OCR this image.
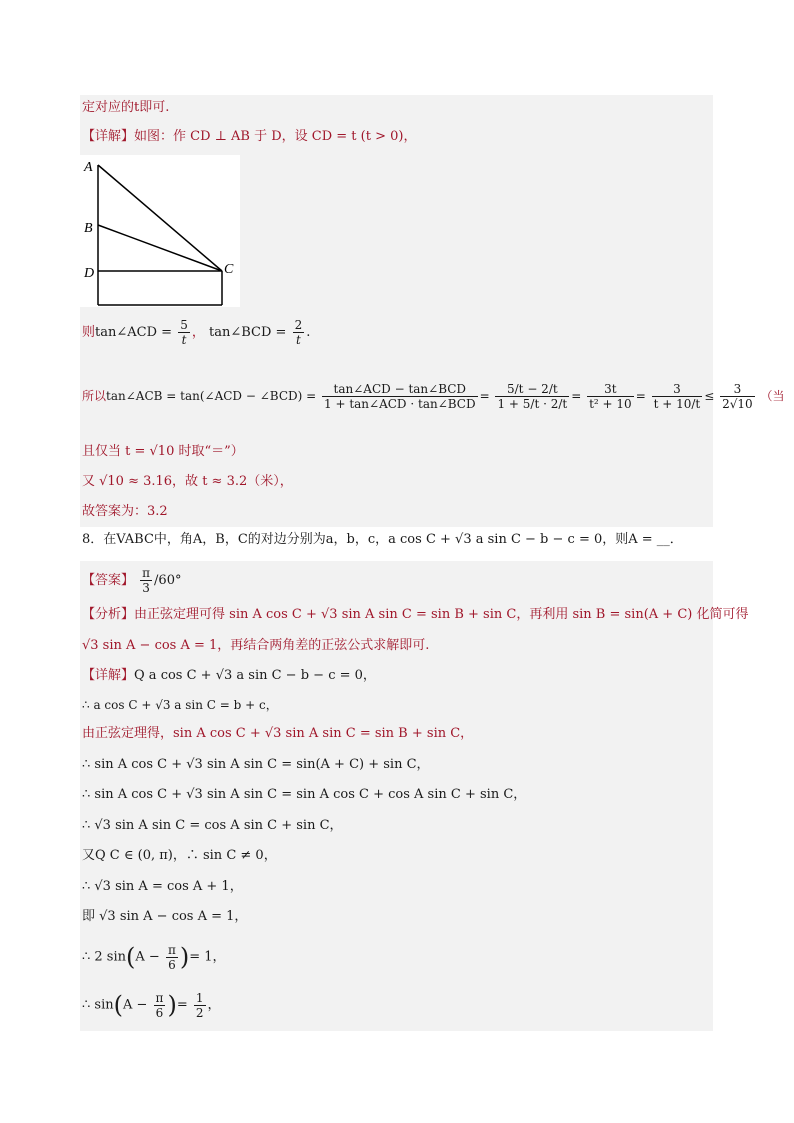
定对应的t即可.
【详解】如图：作 CD ⊥ AB 于 D，设 CD = t (t > 0)，
A
B
D	C
则tan∠ACD = $\frac{5}{t}$ ， tan∠BCD = $\frac{2}{t}$ .
所以tan∠ACB = tan(∠ACD − ∠BCD) = $\frac{\text{tan∠ACD − tan∠BCD}}{\text{1 + tan∠ACD · tan∠BCD}} = \frac{5/t - 2/t}{1 + 5/t \cdot 2/t} = \frac{3t}{\text{t² + 10}} = \frac{3}{t + 10/t} \le \frac{3}{2√10}$ （当
且仅当 t = √10 时取“＝”）
又 √10 ≈ 3.16，故 t ≈ 3.2（米），
故答案为：3.2
8．在VABC中，角A，B，C的对边分别为a，b，c，a cos C + √3 a sin C − b − c = 0，则A = __．
【答案】 $\frac{\pi}{3} /60^\circ$
【分析】由正弦定理可得 sin A cos C + √3 sin A sin C = sin B + sin C，再利用 sin B = sin(A + C) 化简可得
√3 sin A − cos A = 1，再结合两角差的正弦公式求解即可.
【详解】Q a cos C + √3 a sin C − b − c = 0，
∴ a cos C + √3 a sin C = b + c，
由正弦定理得，sin A cos C + √3 sin A sin C = sin B + sin C，
∴ sin A cos C + √3 sin A sin C = sin(A + C) + sin C，
∴ sin A cos C + √3 sin A sin C = sin A cos C + cos A sin C + sin C，
∴ √3 sin A sin C = cos A sin C + sin C，
又Q C ∈ (0, π)，∴ sin C ≠ 0，
∴ √3 sin A = cos A + 1，
即 √3 sin A − cos A = 1，
∴ 2 $\sin(A - \frac{\pi}{6}$ )= 1，
∴ $\sin(A - \frac{\pi}{6}$ )= $\frac{1}{2}$ ，
